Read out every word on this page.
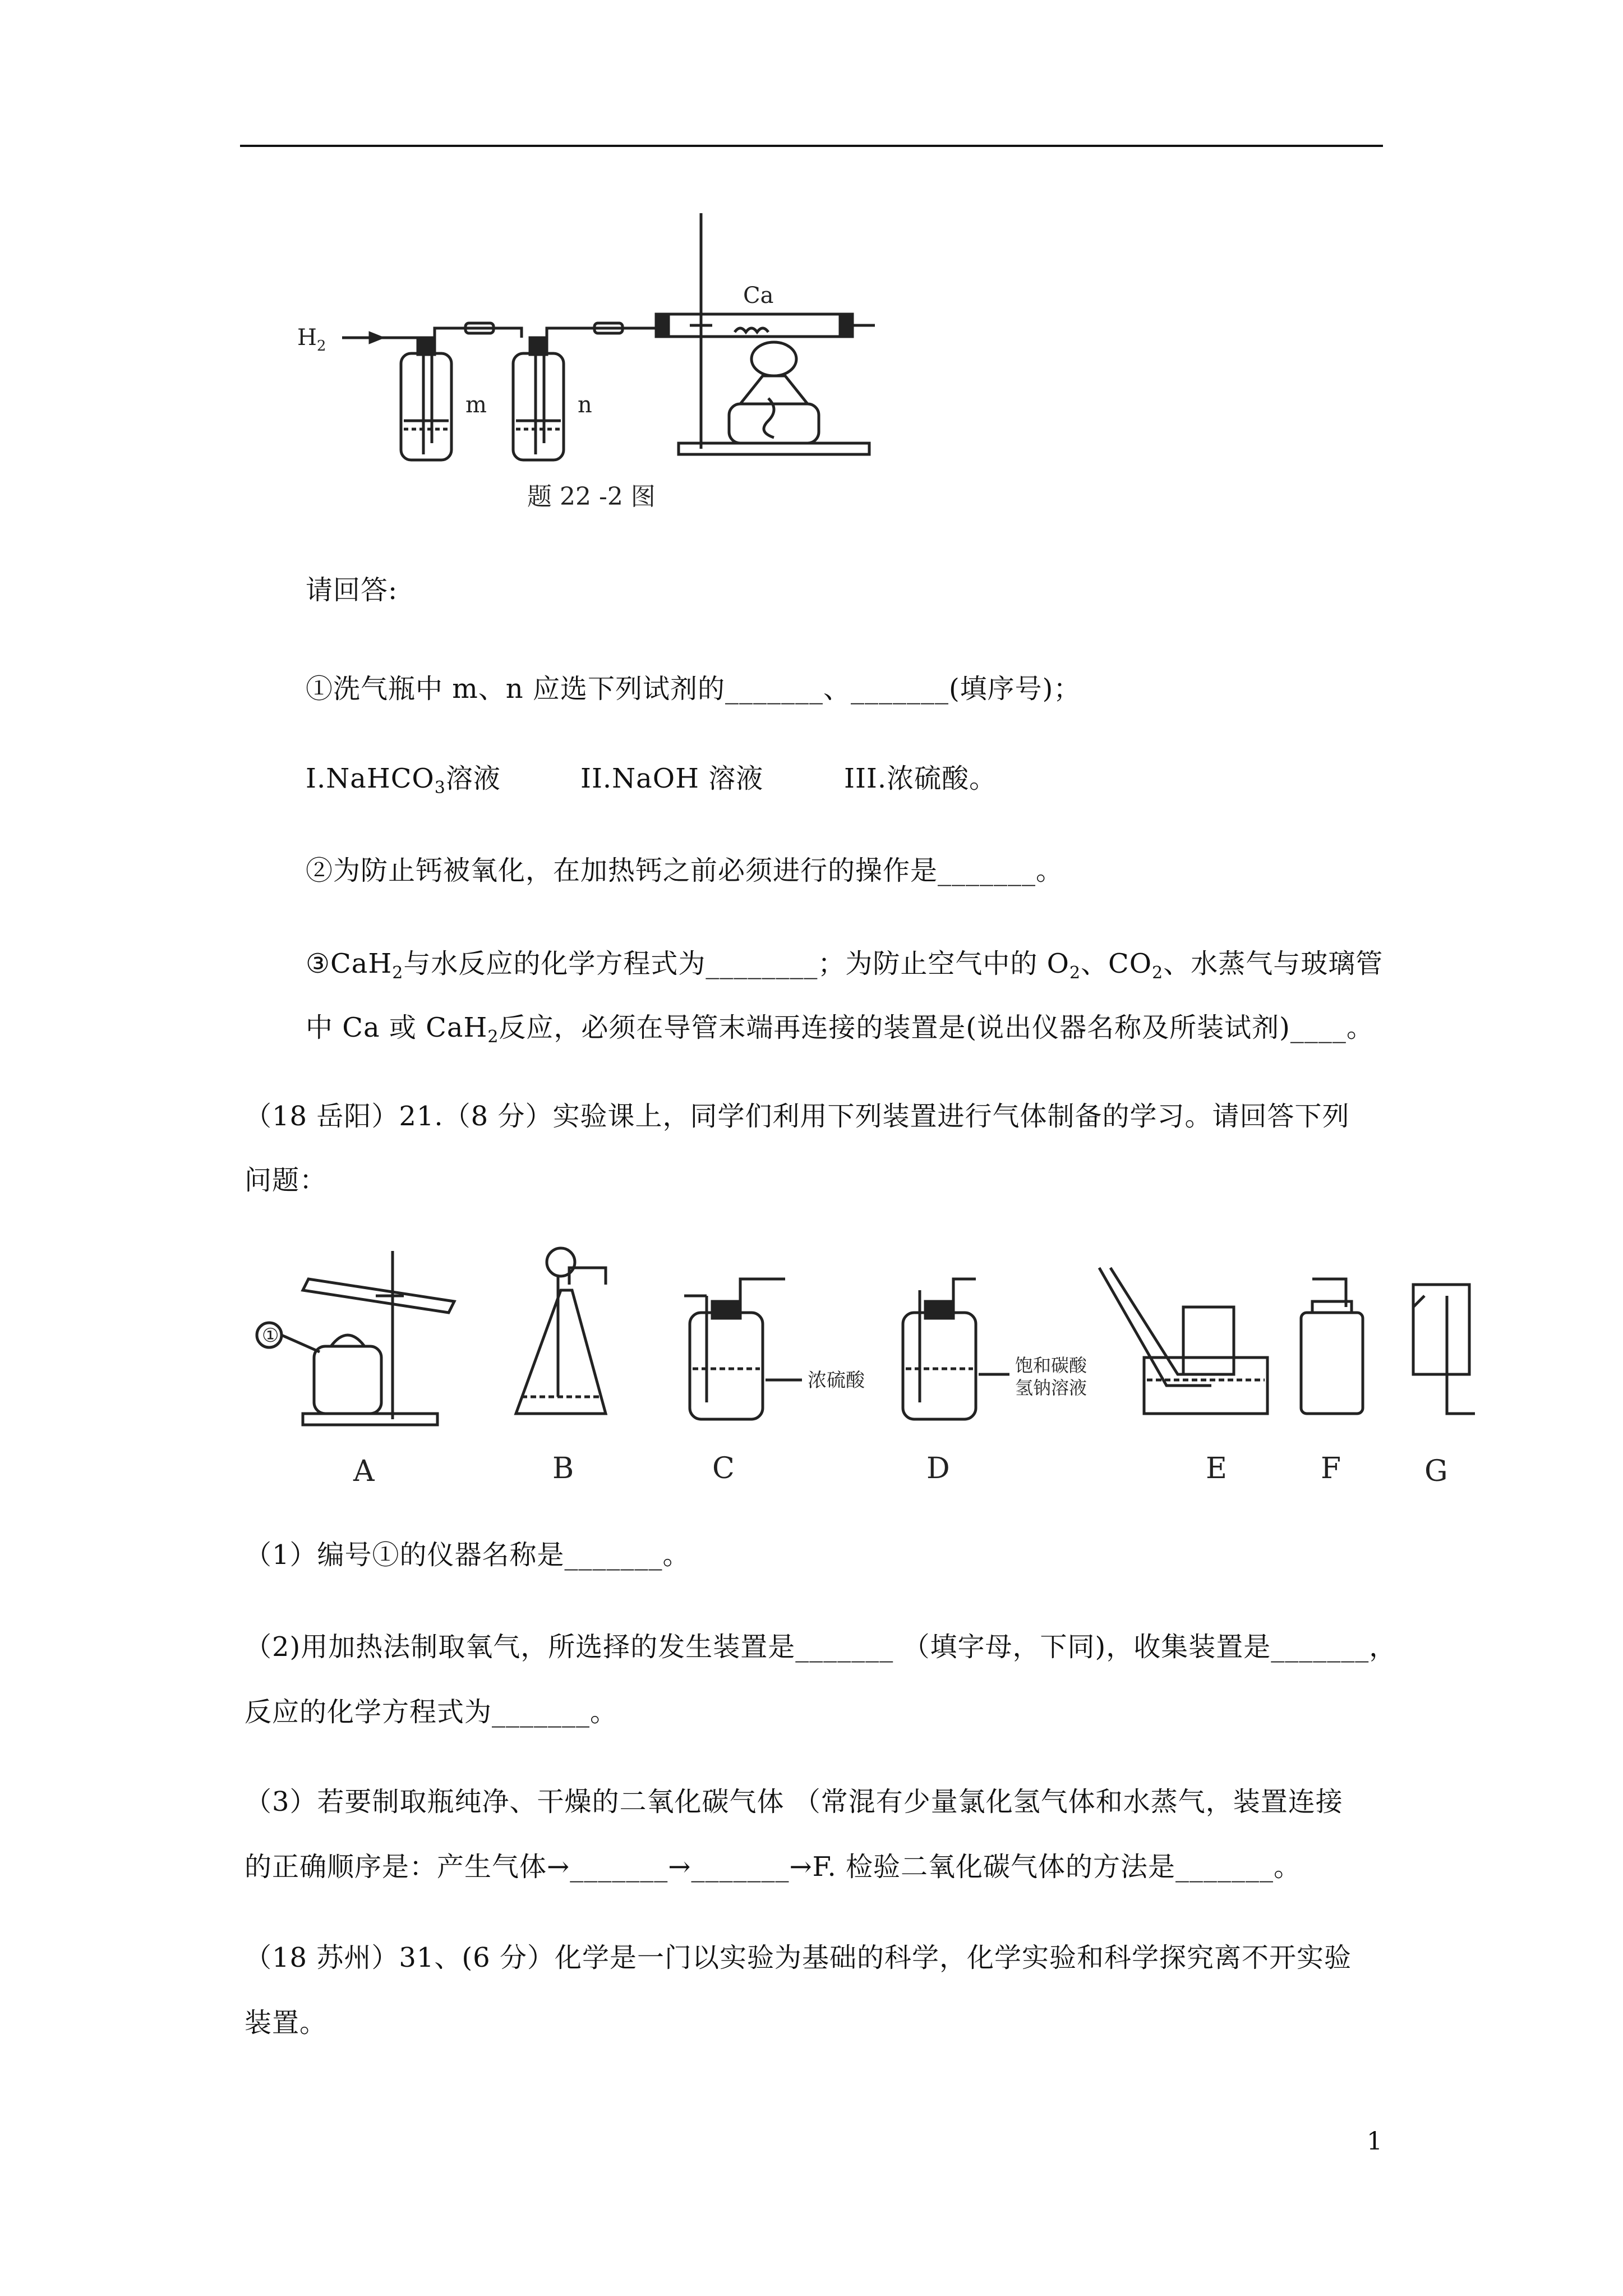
$H_2$
Ca
m	n
题 22 -2 图
请回答:
①洗气瓶中 m、n 应选下列试剂的_______、_______(填序号)；
I.NaHCO$_3$溶液	II.NaOH 溶液	III.浓硫酸。
②为防止钙被氧化，在加热钙之前必须进行的操作是_______。
③CaH$_2$与水反应的化学方程式为________；为防止空气中的 $O_2$、$CO_2$、水蒸气与玻璃管
中 Ca 或 CaH$_2$反应，必须在导管末端再连接的装置是(说出仪器名称及所装试剂)____。
（18 岳阳）21.（8 分）实验课上，同学们利用下列装置进行气体制备的学习。请回答下列
问题：
①
浓硫酸
饱和碳酸
氢钠溶液
A	B	C	D	E	F	G
（1）编号①的仪器名称是_______。
（2)用加热法制取氧气，所选择的发生装置是_______ （填字母，下同)，收集装置是_______，
反应的化学方程式为_______。
（3）若要制取瓶纯净、干燥的二氧化碳气体 （常混有少量氯化氢气体和水蒸气，装置连接
的正确顺序是：产生气体→_______→_______→F. 检验二氧化碳气体的方法是_______。
（18 苏州）31、(6 分）化学是一门以实验为基础的科学，化学实验和科学探究离不开实验
装置。
1
